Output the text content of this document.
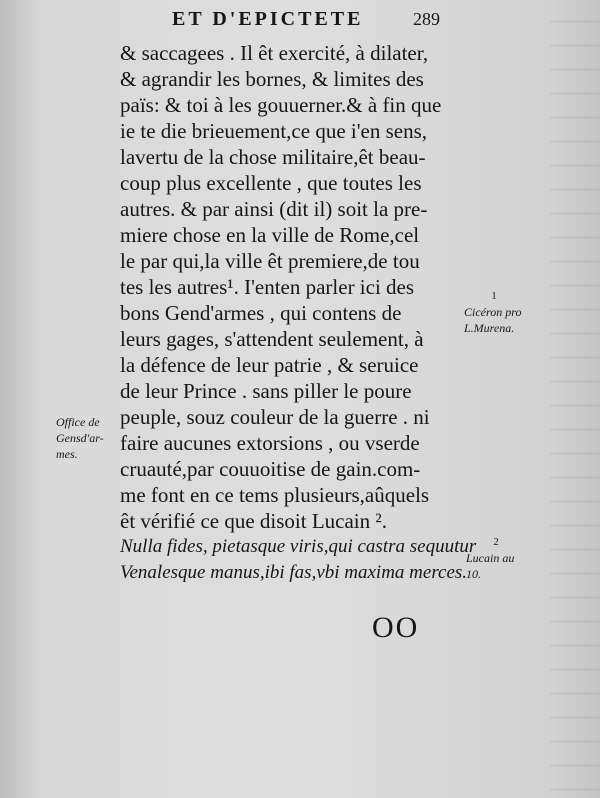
ET D'EPICTETE	289
& saccagees . Il êt exercité, à dilater,
& agrandir les bornes, & limites des
païs: & toi à les gouuerner.& à fin que
ie te die brieuement,ce que i'en sens,
lavertu de la chose militaire,êt beau-
coup plus excellente , que toutes les
autres. & par ainsi (dit il) soit la pre-
miere chose en la ville de Rome,cel
le par qui,la ville êt premiere,de tou
tes les autres¹. I'enten parler ici des
bons Gend'armes , qui contens de
leurs gages, s'attendent seulement, à
la défence de leur patrie , & seruice
de leur Prince . sans piller le poure
peuple, souz couleur de la guerre . ni
faire aucunes extorsions , ou vserde
cruauté,par couuoitise de gain.com-
me font en ce tems plusieurs,aûquels
êt vérifié ce que disoit Lucain ².
Nulla fides, pietasque viris,qui castra sequutur
Venalesque manus,ibi fas,vbi maxima merces.
OO
Office de
Gensd'ar-
mes.
1
Cicéron pro
L.Murena.
2
Lucain au
10.
